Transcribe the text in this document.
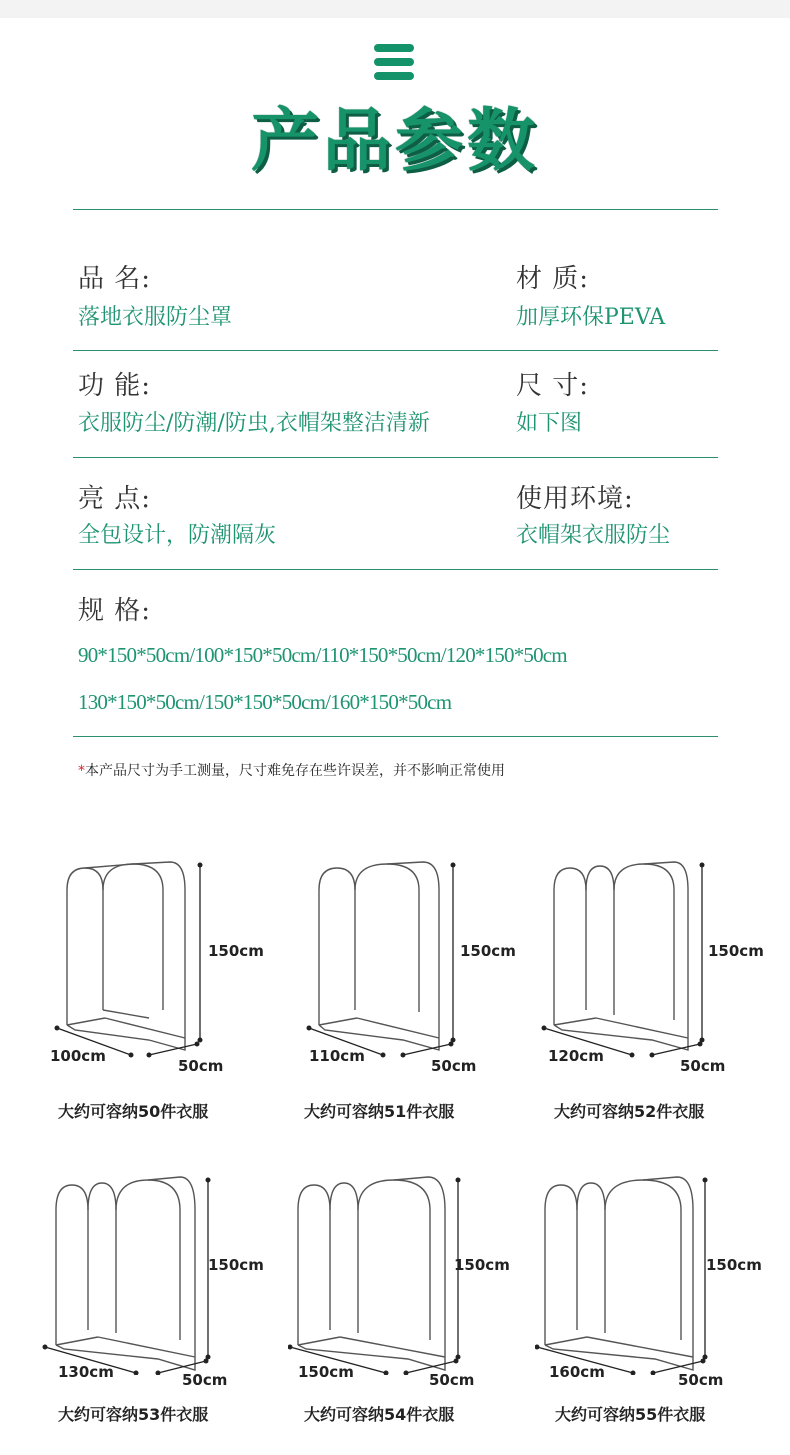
产品参数
品 名:
落地衣服防尘罩
材 质:
加厚环保PEVA
功 能:
衣服防尘/防潮/防虫,衣帽架整洁清新
尺 寸:
如下图
亮 点:
全包设计，防潮隔灰
使用环境:
衣帽架衣服防尘
规 格:
90*150*50cm/100*150*50cm/110*150*50cm/120*150*50cm
130*150*50cm/150*150*50cm/160*150*50cm
*本产品尺寸为手工测量，尺寸难免存在些许误差，并不影响正常使用
150cm
100cm
50cm
大约可容纳50件衣服
150cm
110cm
50cm
大约可容纳51件衣服
150cm
120cm
50cm
大约可容纳52件衣服
150cm
130cm	50cm
大约可容纳53件衣服
150cm
150cm	50cm
大约可容纳54件衣服
150cm
160cm	50cm
大约可容纳55件衣服
